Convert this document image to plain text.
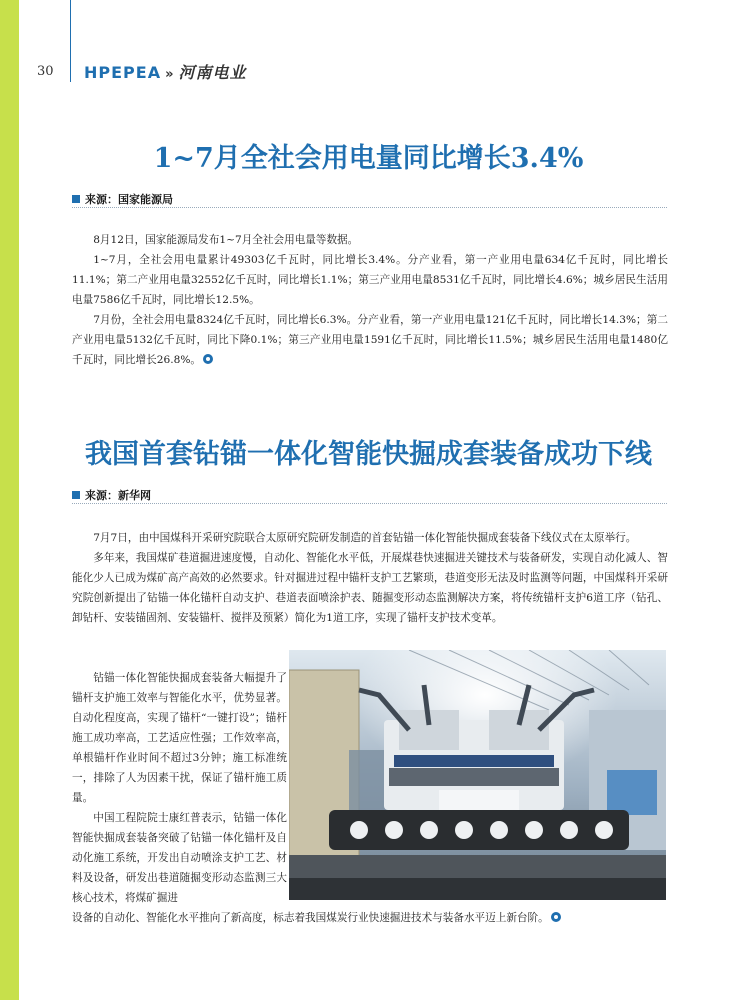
30 HPEPEA » 河南电业
1~7月全社会用电量同比增长3.4%
来源：国家能源局

8月12日，国家能源局发布1~7月全社会用电量等数据。

1~7月，全社会用电量累计49303亿千瓦时，同比增长3.4%。分产业看，第一产业用电量634亿千瓦时，同比增长11.1%；第二产业用电量32552亿千瓦时，同比增长1.1%；第三产业用电量8531亿千瓦时，同比增长4.6%；城乡居民生活用电量7586亿千瓦时，同比增长12.5%。

7月份，全社会用电量8324亿千瓦时，同比增长6.3%。分产业看，第一产业用电量121亿千瓦时，同比增长14.3%；第二产业用电量5132亿千瓦时，同比下降0.1%；第三产业用电量1591亿千瓦时，同比增长11.5%；城乡居民生活用电量1480亿千瓦时，同比增长26.8%。

我国首套钻锚一体化智能快掘成套装备成功下线
来源：新华网

7月7日，由中国煤科开采研究院联合太原研究院研发制造的首套钻锚一体化智能快掘成套装备下线仪式在太原举行。

多年来，我国煤矿巷道掘进速度慢，自动化、智能化水平低，开展煤巷快速掘进关键技术与装备研发，实现自动化减人、智能化少人已成为煤矿高产高效的必然要求。针对掘进过程中锚杆支护工艺繁琐，巷道变形无法及时监测等问题，中国煤科开采研究院创新提出了钻锚一体化锚杆自动支护、巷道表面喷涂护表、随掘变形动态监测解决方案，将传统锚杆支护6道工序（钻孔、卸钻杆、安装锚固剂、安装锚杆、搅拌及预紧）简化为1道工序，实现了锚杆支护技术变革。

钻锚一体化智能快掘成套装备大幅提升了锚杆支护施工效率与智能化水平，优势显著。自动化程度高，实现了锚杆“一键打设”；锚杆施工成功率高，工艺适应性强；工作效率高，单根锚杆作业时间不超过3分钟；施工标准统一，排除了人为因素干扰，保证了锚杆施工质量。

中国工程院院士康红普表示，钻锚一体化智能快掘成套装备突破了钻锚一体化锚杆及自动化施工系统，开发出自动喷涂支护工艺、材料及设备，研发出巷道随掘变形动态监测三大核心技术，将煤矿掘进

设备的自动化、智能化水平推向了新高度，标志着我国煤炭行业快速掘进技术与装备水平迈上新台阶。
